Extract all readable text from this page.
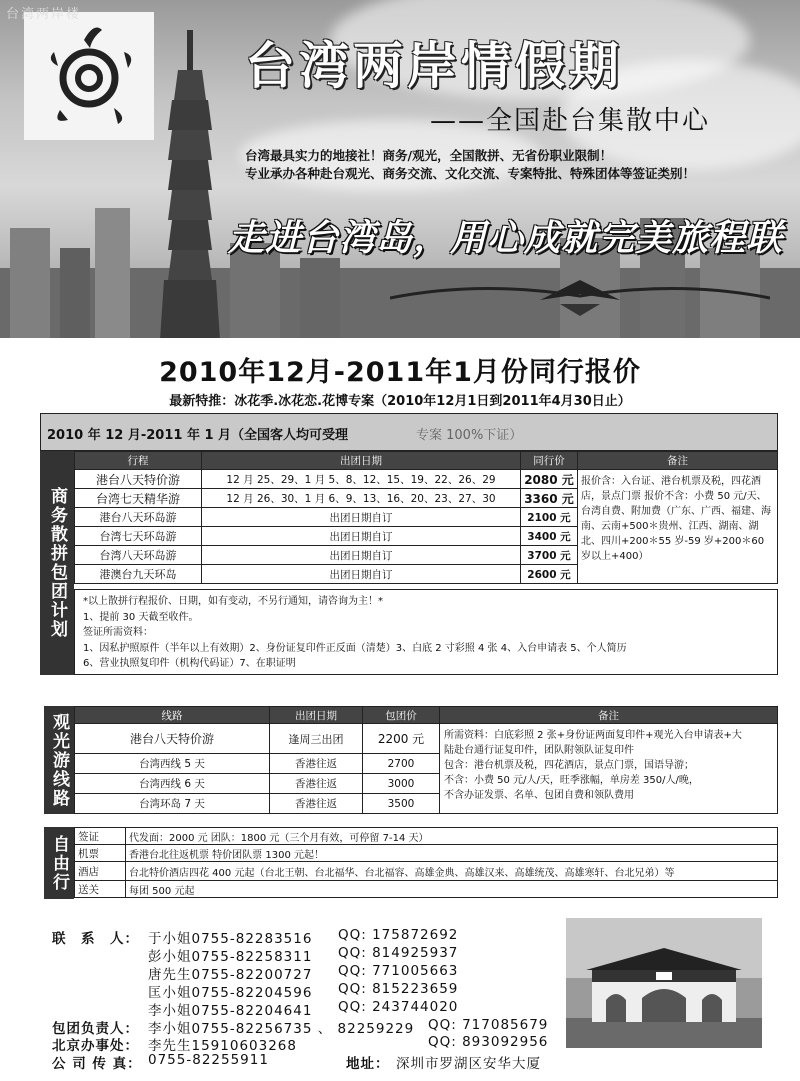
台湾两岸楼
台湾两岸情假期
——全国赴台集散中心
台湾最具实力的地接社！商务/观光，全国散拼、无省份职业限制！
专业承办各种赴台观光、商务交流、文化交流、专案特批、特殊团体等签证类别！
走进台湾岛，用心成就完美旅程联
2010年12月-2011年1月份同行报价
最新特推：冰花季.冰花恋.花博专案（2010年12月1日到2011年4月30日止）
2010 年 12 月-2011 年 1 月（全国客人均可受理	专案 100%下证）
商务散拼包团计划
行程	出团日期	同行价	备注
港台八天特价游	12 月 25、29、1 月 5、8、12、15、19、22、26、29	2080 元	报价含：入台证、港台机票及税，四花酒店，景点门票 报价不含：小费 50 元/天、台湾自费、附加费（广东、广西、福建、海南、云南+500＊贵州、江西、湖南、湖北、四川+200＊55 岁-59 岁+200＊60 岁以上+400）
台湾七天精华游	12 月 26、30、1 月 6、9、13、16、20、23、27、30	3360 元	
港台八天环岛游	出团日期自订	2100 元	
台湾七天环岛游	出团日期自订	3400 元	
台湾八天环岛游	出团日期自订	3700 元	
港澳台九天环岛	出团日期自订	2600 元	
*以上散拼行程报价、日期，如有变动，不另行通知，请咨询为主！*
1、提前 30 天截至收件。
签证所需资料：
1、因私护照原件（半年以上有效期）2、身份证复印件正反面（清楚）3、白底 2 寸彩照 4 张 4、入台申请表 5、个人简历
6、营业执照复印件（机构代码证）7、在职证明
观光游线路	线路	出团日期	包团价	备注
港台八天特价游	逢周三出团	2200 元	所需资料：白底彩照 2 张+身份证两面复印件+观光入台申请表+大
陆赴台通行证复印件，团队附领队证复印件
包含：港台机票及税，四花酒店，景点门票，国语导游；
不含：小费 50 元/人/天，旺季涨幅，单房差 350/人/晚，
不含办证发票、名单、包团自费和领队费用

台湾西线 5 天	香港往返	2700	
台湾西线 6 天	香港往返	3000	
台湾环岛 7 天	香港往返	3500	
自由行 签证	代发面：2000 元 团队：1800 元（三个月有效，可停留 7-14 天）
机票	香港台北往返机票 特价团队票 1300 元起！
酒店	台北特价酒店四花 400 元起（台北王朝、台北福华、台北福容、高雄金典、高雄汉来、高雄统茂、高雄寒轩、台北兄弟）等
送关	每团 500 元起
联　系　人： 于小姐0755-82283516 QQ: 175872692
彭小姐0755-82258311 QQ: 814925937
唐先生0755-82200727 QQ: 771005663
匡小姐0755-82204596 QQ: 815223659
李小姐0755-82204641 QQ: 243744020
包团负责人： 李小姐0755-82256735 、 82259229 QQ: 717085679
北京办事处： 李先生15910603268	QQ: 893092956
公 司 传 真： 0755-82255911	地址： 深圳市罗湖区安华大厦
